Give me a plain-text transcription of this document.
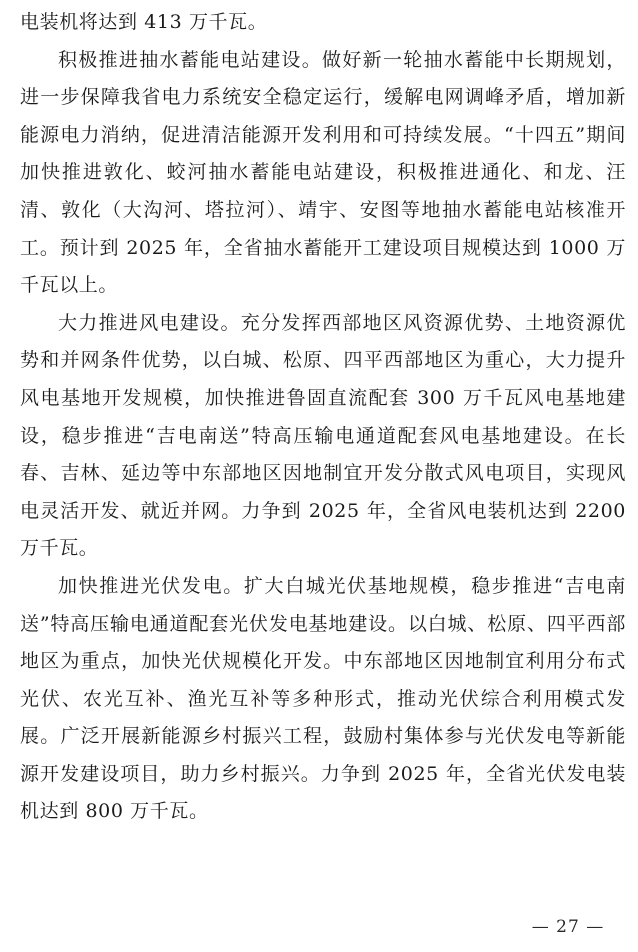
电装机将达到 413 万千瓦。

积极推进抽水蓄能电站建设。做好新一轮抽水蓄能中长期规划，进一步保障我省电力系统安全稳定运行，缓解电网调峰矛盾，增加新能源电力消纳，促进清洁能源开发利用和可持续发展。“十四五”期间加快推进敦化、蛟河抽水蓄能电站建设，积极推进通化、和龙、汪清、敦化（大沟河、塔拉河）、靖宇、安图等地抽水蓄能电站核准开工。预计到 2025 年，全省抽水蓄能开工建设项目规模达到 1000 万千瓦以上。

大力推进风电建设。充分发挥西部地区风资源优势、土地资源优势和并网条件优势，以白城、松原、四平西部地区为重心，大力提升风电基地开发规模，加快推进鲁固直流配套 300 万千瓦风电基地建设，稳步推进“吉电南送”特高压输电通道配套风电基地建设。在长春、吉林、延边等中东部地区因地制宜开发分散式风电项目，实现风电灵活开发、就近并网。力争到 2025 年，全省风电装机达到 2200 万千瓦。

加快推进光伏发电。扩大白城光伏基地规模，稳步推进“吉电南送”特高压输电通道配套光伏发电基地建设。以白城、松原、四平西部地区为重点，加快光伏规模化开发。中东部地区因地制宜利用分布式光伏、农光互补、渔光互补等多种形式，推动光伏综合利用模式发展。广泛开展新能源乡村振兴工程，鼓励村集体参与光伏发电等新能源开发建设项目，助力乡村振兴。力争到 2025 年，全省光伏发电装机达到 800 万千瓦。

— 27 —
